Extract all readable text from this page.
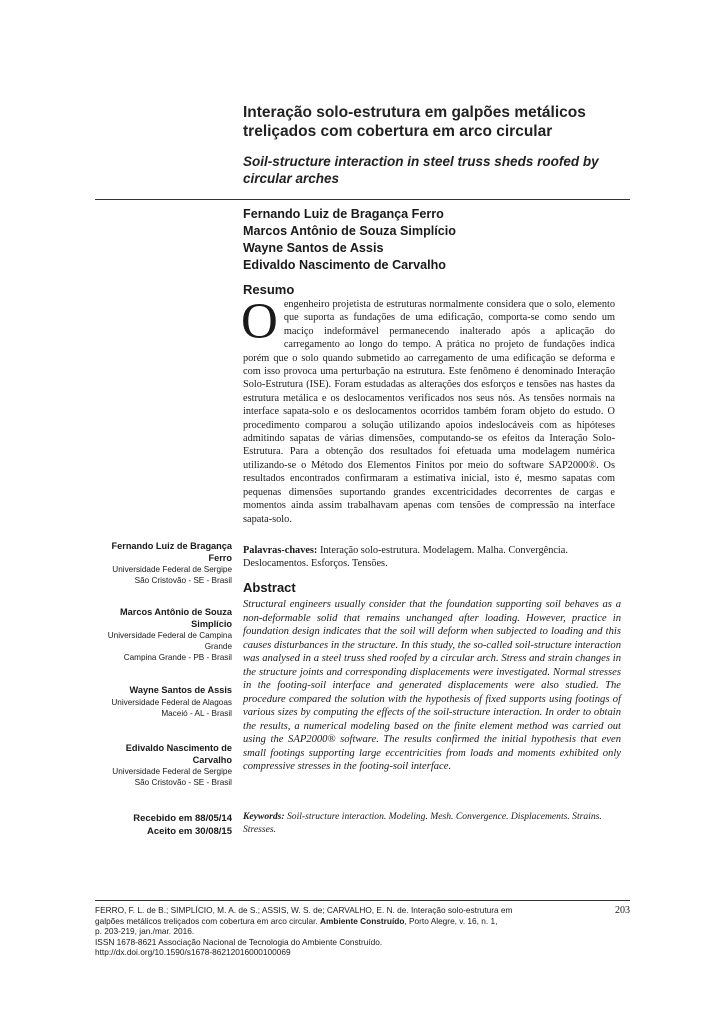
Interação solo-estrutura em galpões metálicos treliçados com cobertura em arco circular
Soil-structure interaction in steel truss sheds roofed by circular arches
Fernando Luiz de Bragança Ferro
Marcos Antônio de Souza Simplício
Wayne Santos de Assis
Edivaldo Nascimento de Carvalho
Resumo
O engenheiro projetista de estruturas normalmente considera que o solo, elemento que suporta as fundações de uma edificação, comporta-se como sendo um maciço indeformável permanecendo inalterado após a aplicação do carregamento ao longo do tempo. A prática no projeto de fundações indica porém que o solo quando submetido ao carregamento de uma edificação se deforma e com isso provoca uma perturbação na estrutura. Este fenômeno é denominado Interação Solo-Estrutura (ISE). Foram estudadas as alterações dos esforços e tensões nas hastes da estrutura metálica e os deslocamentos verificados nos seus nós. As tensões normais na interface sapata-solo e os deslocamentos ocorridos também foram objeto do estudo. O procedimento comparou a solução utilizando apoios indeslocáveis com as hipóteses admitindo sapatas de várias dimensões, computando-se os efeitos da Interação Solo-Estrutura. Para a obtenção dos resultados foi efetuada uma modelagem numérica utilizando-se o Método dos Elementos Finitos por meio do software SAP2000®. Os resultados encontrados confirmaram a estimativa inicial, isto é, mesmo sapatas com pequenas dimensões suportando grandes excentricidades decorrentes de cargas e momentos ainda assim trabalhavam apenas com tensões de compressão na interface sapata-solo.
Palavras-chaves: Interação solo-estrutura. Modelagem. Malha. Convergência. Deslocamentos. Esforços. Tensões.
Abstract
Structural engineers usually consider that the foundation supporting soil behaves as a non-deformable solid that remains unchanged after loading. However, practice in foundation design indicates that the soil will deform when subjected to loading and this causes disturbances in the structure. In this study, the so-called soil-structure interaction was analysed in a steel truss shed roofed by a circular arch. Stress and strain changes in the structure joints and corresponding displacements were investigated. Normal stresses in the footing-soil interface and generated displacements were also studied. The procedure compared the solution with the hypothesis of fixed supports using footings of various sizes by computing the effects of the soil-structure interaction. In order to obtain the results, a numerical modeling based on the finite element method was carried out using the SAP2000® software. The results confirmed the initial hypothesis that even small footings supporting large eccentricities from loads and moments exhibited only compressive stresses in the footing-soil interface.
Keywords: Soil-structure interaction. Modeling. Mesh. Convergence. Displacements. Strains. Stresses.
Fernando Luiz de Bragança Ferro
Universidade Federal de Sergipe
São Cristovão - SE - Brasil
Marcos Antônio de Souza Simplício
Universidade Federal de Campina Grande
Campina Grande - PB - Brasil
Wayne Santos de Assis
Universidade Federal de Alagoas
Maceió - AL - Brasil
Edivaldo Nascimento de Carvalho
Universidade Federal de Sergipe
São Cristovão - SE - Brasil
Recebido em 88/05/14
Aceito em 30/08/15
FERRO, F. L. de B.; SIMPLÍCIO, M. A. de S.; ASSIS, W. S. de; CARVALHO, E. N. de. Interação solo-estrutura em
galpões metálicos treliçados com cobertura em arco circular. Ambiente Construído, Porto Alegre, v. 16, n. 1,
p. 203-219, jan./mar. 2016.
ISSN 1678-8621 Associação Nacional de Tecnologia do Ambiente Construído.
http://dx.doi.org/10.1590/s1678-86212016000100069
203
